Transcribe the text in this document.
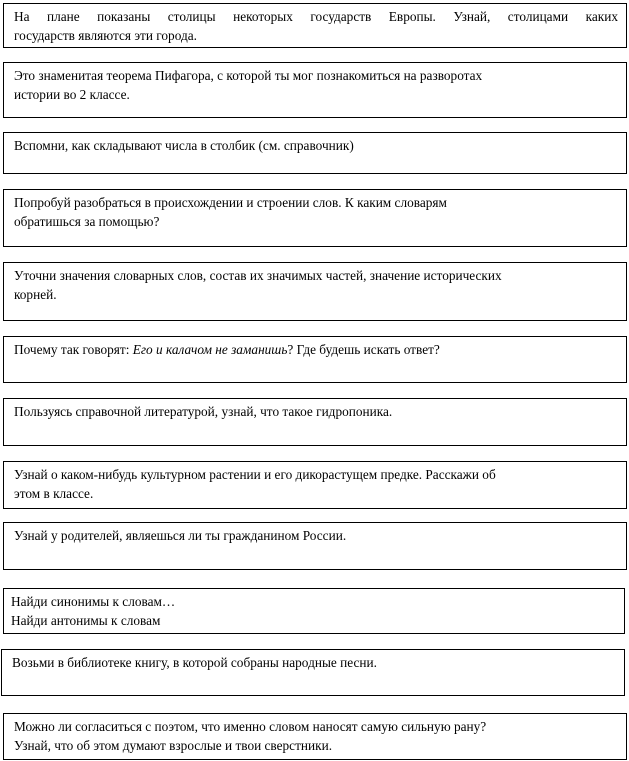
На плане показаны столицы некоторых государств Европы. Узнай, столицами каких
государств являются эти города.
Это знаменитая теорема Пифагора, с которой ты мог познакомиться на разворотах
истории во 2 классе.
Вспомни, как складывают числа в столбик (см. справочник)
Попробуй разобраться в происхождении и строении слов. К каким словарям
обратишься за помощью?
Уточни значения словарных слов, состав их значимых частей, значение исторических
корней.
Почему так говорят: Его и калачом не заманишь? Где будешь искать ответ?
Пользуясь справочной литературой, узнай, что такое гидропоника.
Узнай о каком-нибудь культурном растении и его дикорастущем предке. Расскажи об
этом в классе.
Узнай у родителей, являешься ли ты гражданином России.
Найди синонимы к словам…
Найди антонимы к словам
Возьми в библиотеке книгу, в которой собраны народные песни.
Можно ли согласиться с поэтом, что именно словом наносят самую сильную рану?
Узнай, что об этом думают взрослые и твои сверстники.
